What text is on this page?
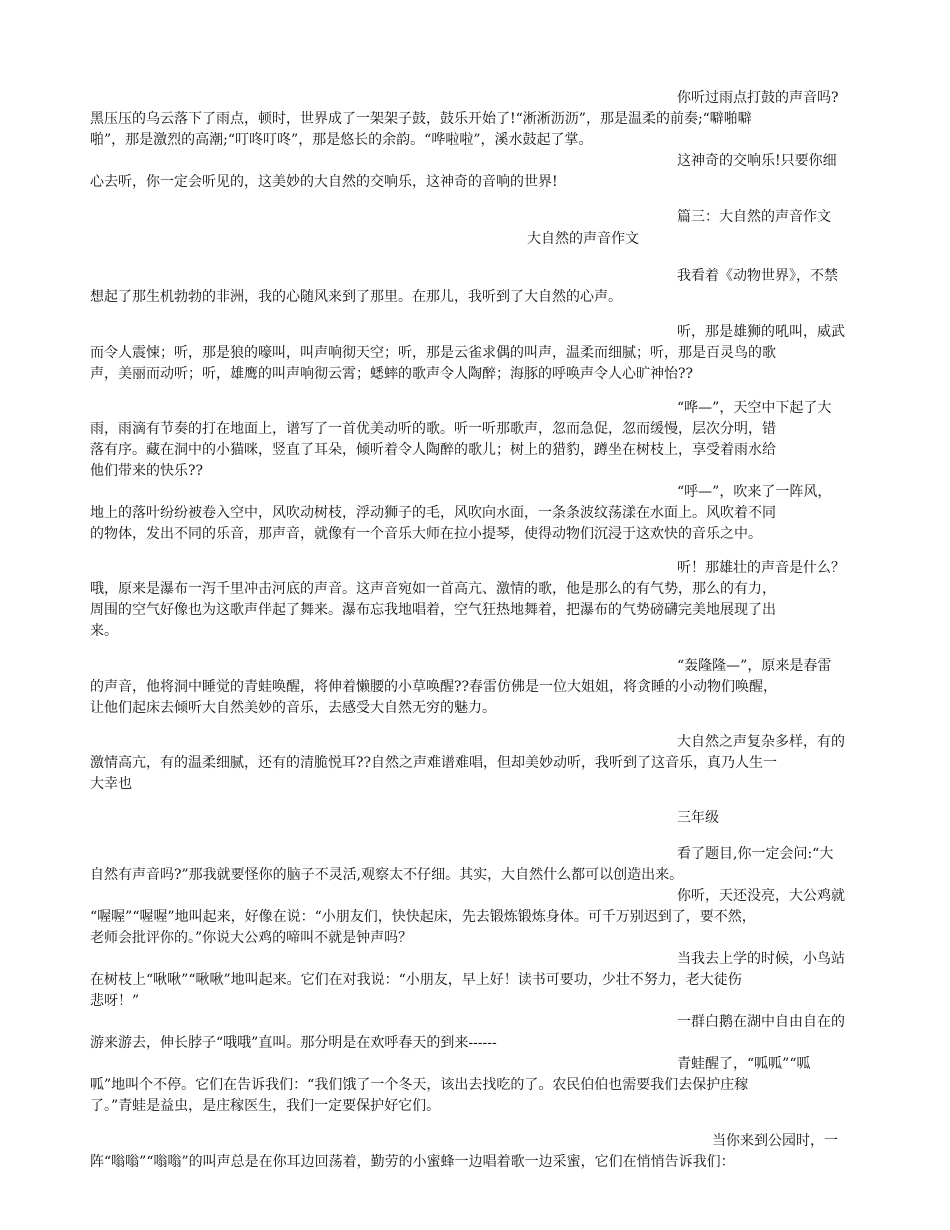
你听过雨点打鼓的声音吗?
黑压压的乌云落下了雨点，顿时，世界成了一架架子鼓，鼓乐开始了!“淅淅沥沥”，那是温柔的前奏;“噼啪噼
啪”，那是激烈的高潮;“叮咚叮咚”，那是悠长的余韵。“哗啦啦”，溪水鼓起了掌。
这神奇的交响乐!只要你细
心去听，你一定会听见的，这美妙的大自然的交响乐，这神奇的音响的世界!
篇三：大自然的声音作文
大自然的声音作文
我看着《动物世界》，不禁
想起了那生机勃勃的非洲，我的心随风来到了那里。在那儿，我听到了大自然的心声。
听，那是雄狮的吼叫，威武
而令人震悚；听，那是狼的嚎叫，叫声响彻天空；听，那是云雀求偶的叫声，温柔而细腻；听，那是百灵鸟的歌
声，美丽而动听；听，雄鹰的叫声响彻云霄；蟋蟀的歌声令人陶醉；海豚的呼唤声令人心旷神怡??
“哗—”，天空中下起了大
雨，雨滴有节奏的打在地面上，谱写了一首优美动听的歌。听一听那歌声，忽而急促，忽而缓慢，层次分明，错
落有序。藏在洞中的小猫咪，竖直了耳朵，倾听着令人陶醉的歌儿；树上的猎豹，蹲坐在树枝上，享受着雨水给
他们带来的快乐??
“呼—”，吹来了一阵风，
地上的落叶纷纷被卷入空中，风吹动树枝，浮动狮子的毛，风吹向水面，一条条波纹荡漾在水面上。风吹着不同
的物体，发出不同的乐音，那声音，就像有一个音乐大师在拉小提琴，使得动物们沉浸于这欢快的音乐之中。
听！那雄壮的声音是什么？
哦，原来是瀑布一泻千里冲击河底的声音。这声音宛如一首高亢、激情的歌，他是那么的有气势，那么的有力，
周围的空气好像也为这歌声伴起了舞来。瀑布忘我地唱着，空气狂热地舞着，把瀑布的气势磅礴完美地展现了出
来。
“轰隆隆—”，原来是春雷
的声音，他将洞中睡觉的青蛙唤醒，将伸着懒腰的小草唤醒??春雷仿佛是一位大姐姐，将贪睡的小动物们唤醒，
让他们起床去倾听大自然美妙的音乐，去感受大自然无穷的魅力。
大自然之声复杂多样，有的
激情高亢，有的温柔细腻，还有的清脆悦耳??自然之声难谱难唱，但却美妙动听，我听到了这音乐，真乃人生一
大幸也
三年级
看了题目,你一定会问:“大
自然有声音吗?”那我就要怪你的脑子不灵活,观察太不仔细。其实，大自然什么都可以创造出来。
你听，天还没亮，大公鸡就
“喔喔”“喔喔”地叫起来，好像在说：“小朋友们，快快起床，先去锻炼锻炼身体。可千万别迟到了，要不然，
老师会批评你的。”你说大公鸡的啼叫不就是钟声吗？
当我去上学的时候，小鸟站
在树枝上“啾啾”“啾啾”地叫起来。它们在对我说：“小朋友，早上好！读书可要功，少壮不努力，老大徒伤
悲呀！”
一群白鹅在湖中自由自在的
游来游去，伸长脖子“哦哦”直叫。那分明是在欢呼春天的到来------
青蛙醒了，“呱呱”“呱
呱”地叫个不停。它们在告诉我们：“我们饿了一个冬天，该出去找吃的了。农民伯伯也需要我们去保护庄稼
了。”青蛙是益虫，是庄稼医生，我们一定要保护好它们。
当你来到公园时，一
阵“嗡嗡”“嗡嗡”的叫声总是在你耳边回荡着，勤劳的小蜜蜂一边唱着歌一边采蜜，它们在悄悄告诉我们：
